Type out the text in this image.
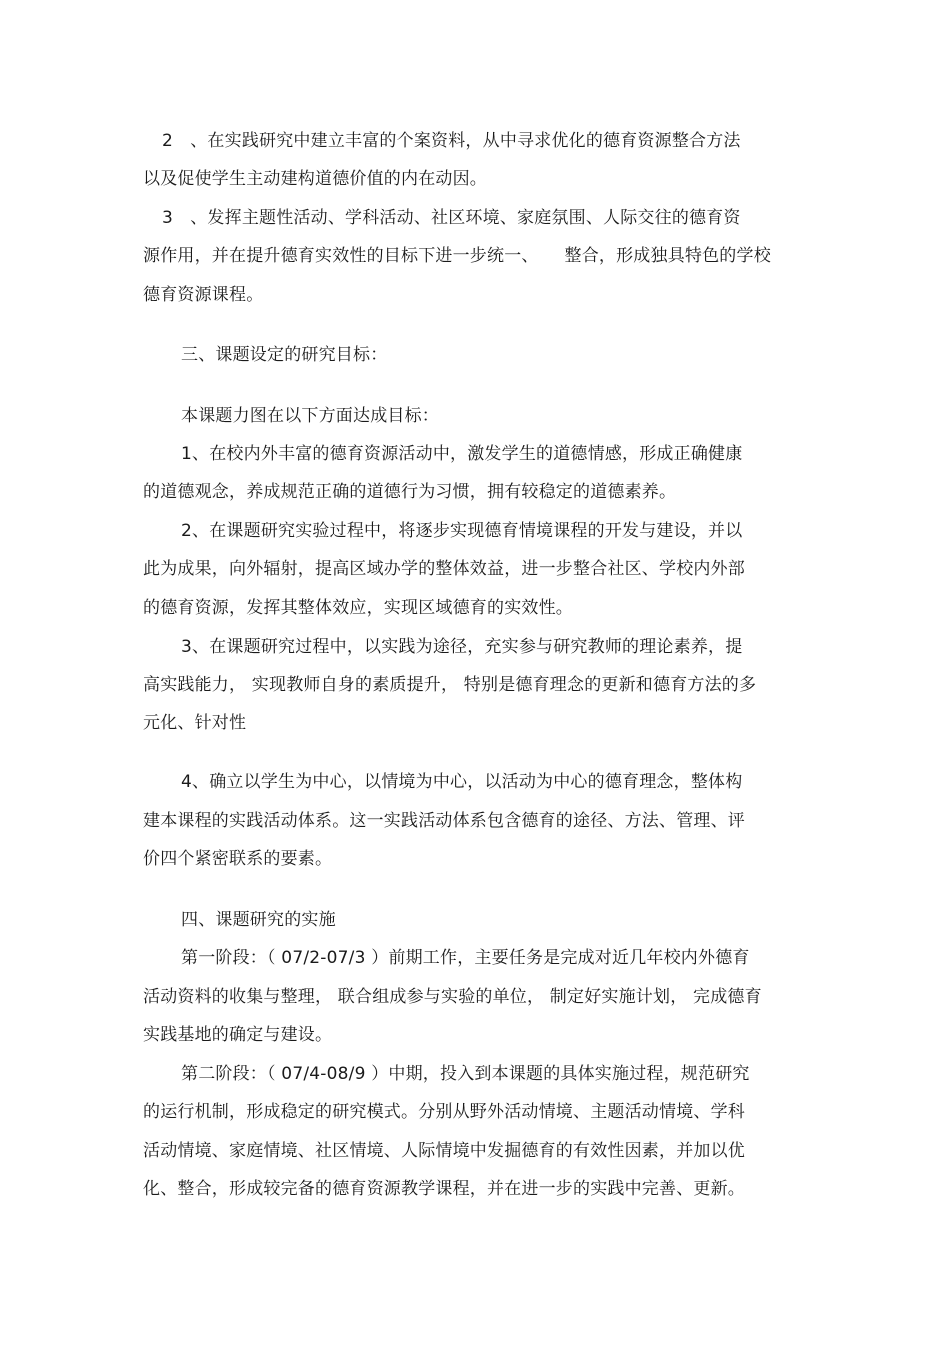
2　、在实践研究中建立丰富的个案资料，从中寻求优化的德育资源整合方法
以及促使学生主动建构道德价值的内在动因。
3　、发挥主题性活动、学科活动、社区环境、家庭氛围、人际交往的德育资
源作用，并在提升德育实效性的目标下进一步统一、　　整合，形成独具特色的学校
德育资源课程。
三、课题设定的研究目标：
本课题力图在以下方面达成目标：
1、在校内外丰富的德育资源活动中，激发学生的道德情感，形成正确健康
的道德观念，养成规范正确的道德行为习惯，拥有较稳定的道德素养。
2、在课题研究实验过程中，将逐步实现德育情境课程的开发与建设，并以
此为成果，向外辐射，提高区域办学的整体效益，进一步整合社区、学校内外部
的德育资源，发挥其整体效应，实现区域德育的实效性。
3、在课题研究过程中，以实践为途径，充实参与研究教师的理论素养，提
高实践能力， 实现教师自身的素质提升， 特别是德育理念的更新和德育方法的多
元化、针对性
4、确立以学生为中心，以情境为中心，以活动为中心的德育理念，整体构
建本课程的实践活动体系。这一实践活动体系包含德育的途径、方法、管理、评
价四个紧密联系的要素。
四、课题研究的实施
第一阶段：（ 07/2-07/3 ）前期工作，主要任务是完成对近几年校内外德育
活动资料的收集与整理， 联合组成参与实验的单位， 制定好实施计划， 完成德育
实践基地的确定与建设。
第二阶段：（ 07/4-08/9 ）中期，投入到本课题的具体实施过程，规范研究
的运行机制，形成稳定的研究模式。分别从野外活动情境、主题活动情境、学科
活动情境、家庭情境、社区情境、人际情境中发掘德育的有效性因素，并加以优
化、整合，形成较完备的德育资源教学课程，并在进一步的实践中完善、更新。
